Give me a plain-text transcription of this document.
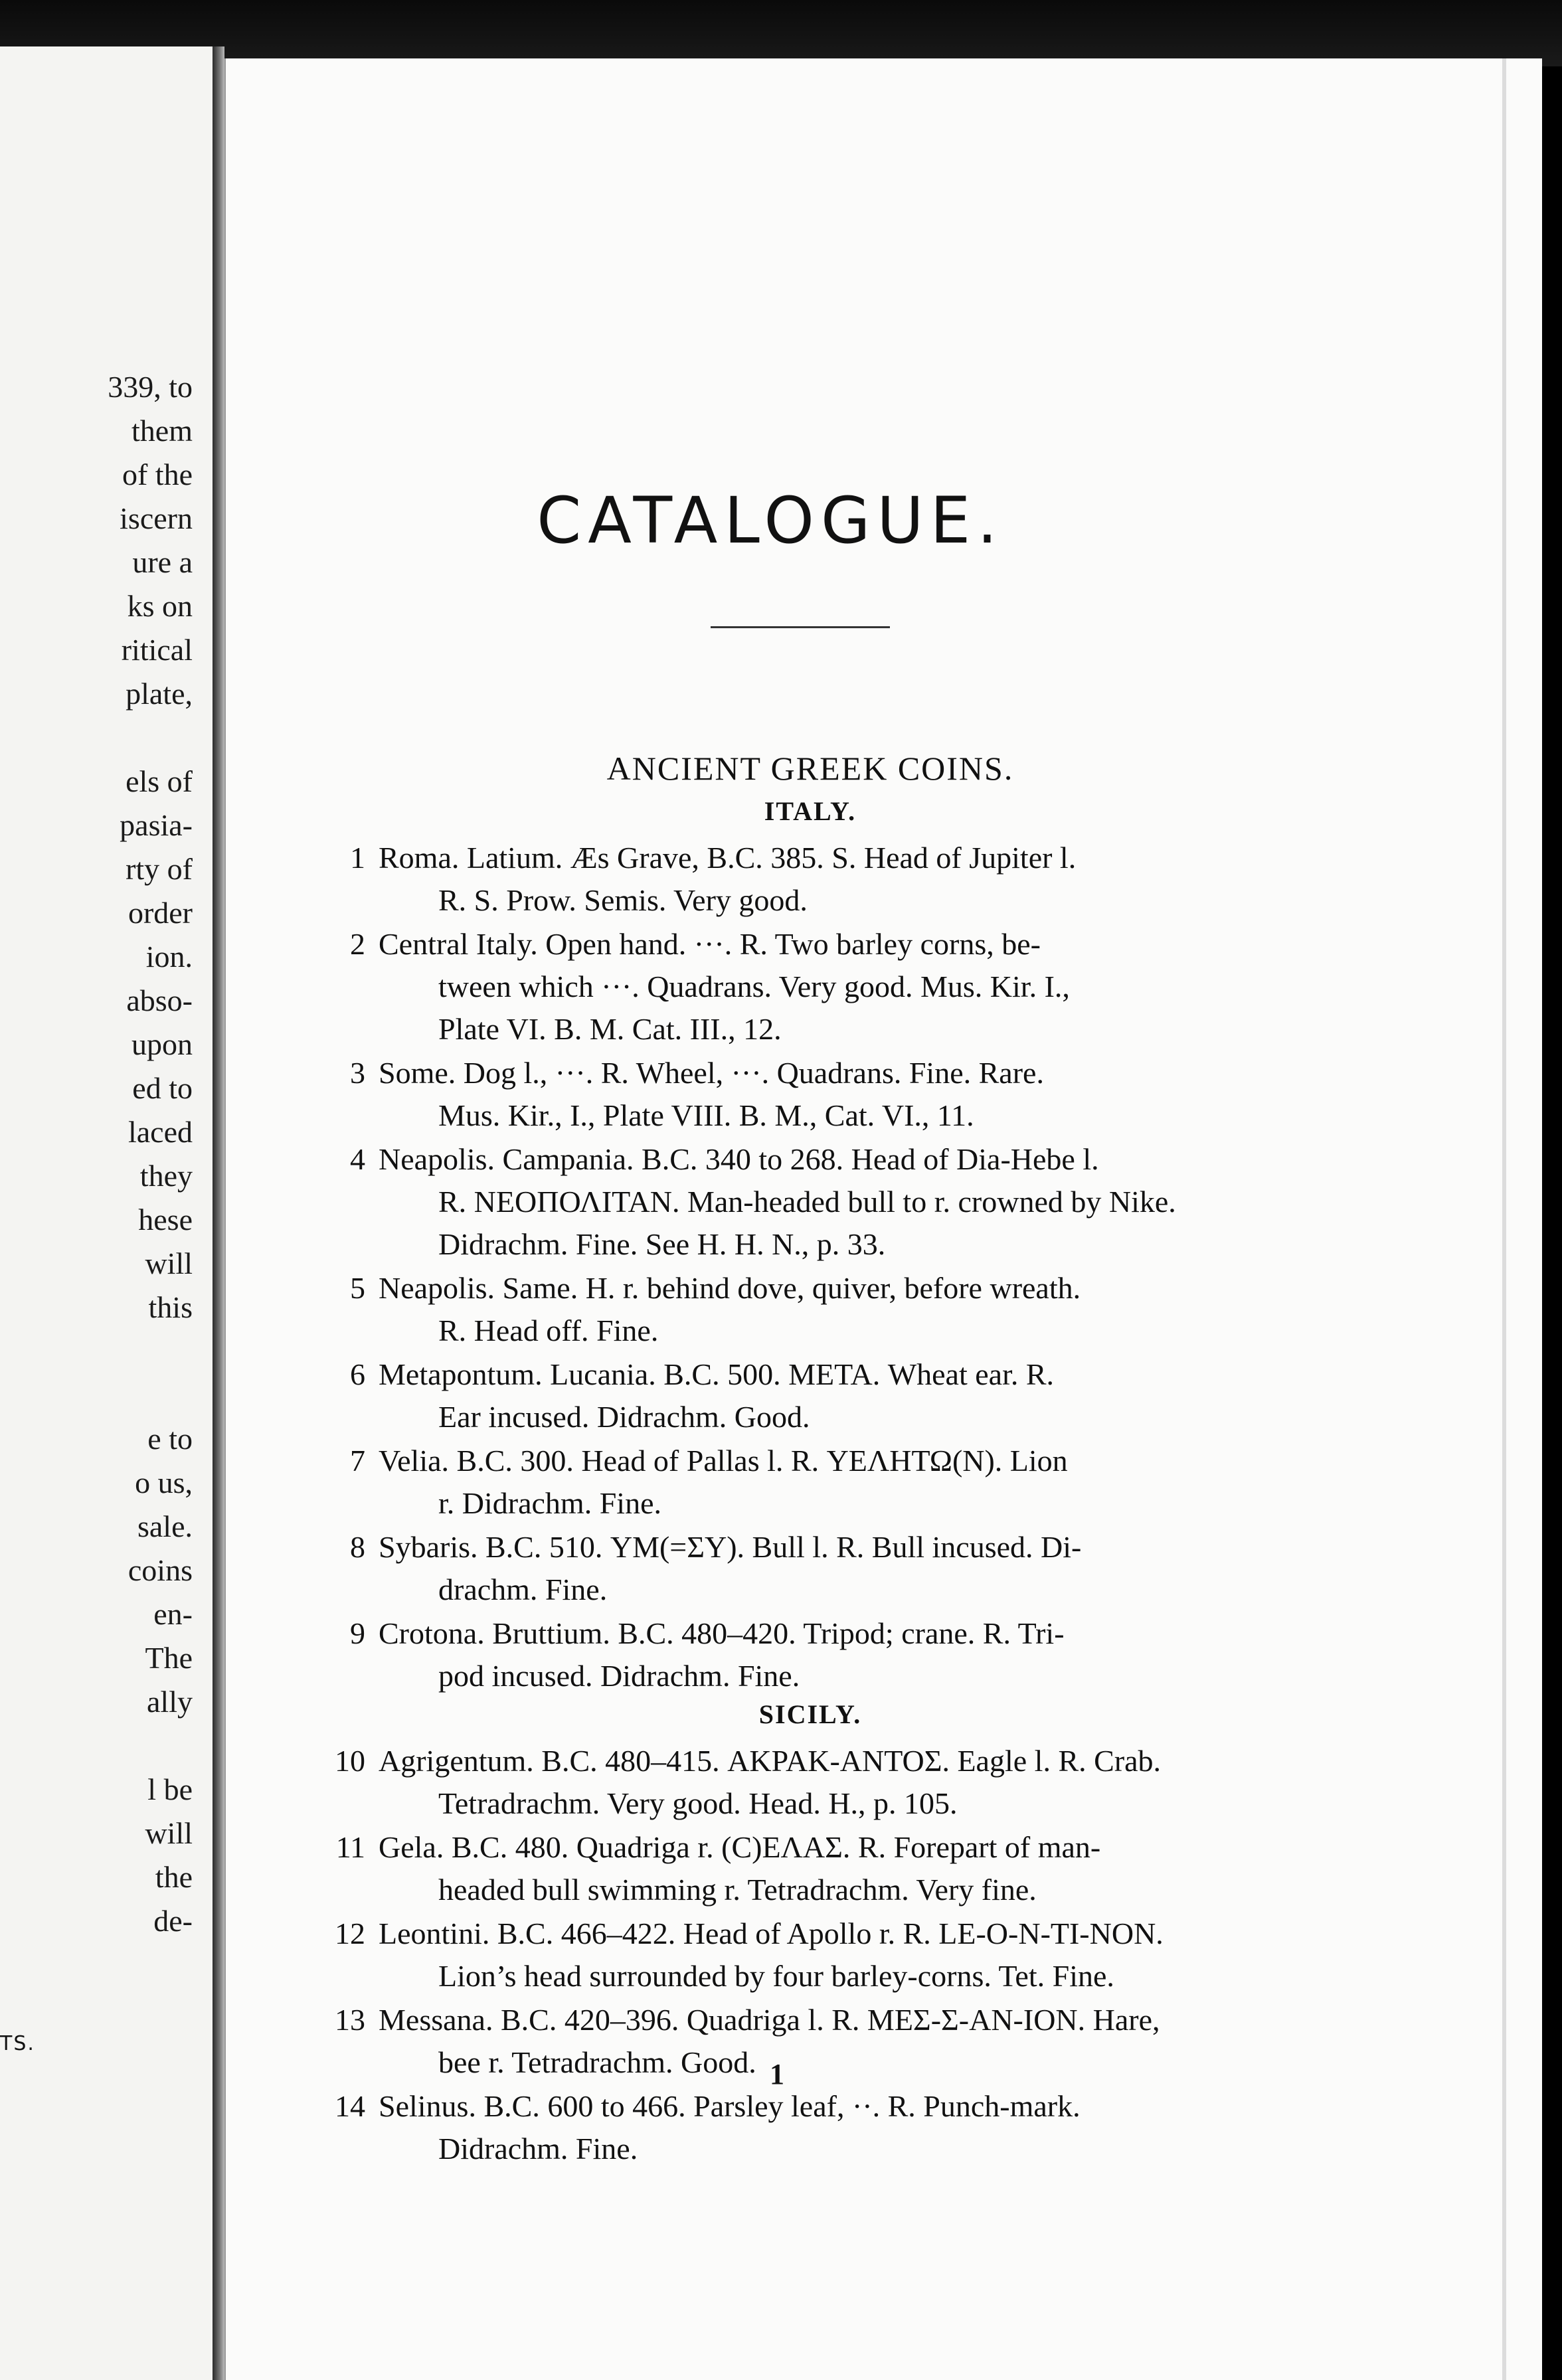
339, to
them
of the
iscern
ure a
ks on
ritical
plate,
els of
pasia-
rty of
order
ion.
abso-
upon
ed to
laced
they
hese
will
this
e to
o us,
sale.
coins
en-
The
ally
l be
will
the
de-
TS.
CATALOGUE.
ANCIENT GREEK COINS.
ITALY.
1 Roma. Latium. Æs Grave, B.C. 385. S. Head of Jupiter l.
R. S. Prow. Semis. Very good.
2 Central Italy. Open hand. ···. R. Two barley corns, be-
tween which ···. Quadrans. Very good. Mus. Kir. I.,
Plate VI. B. M. Cat. III., 12.
3 Some. Dog l., ···. R. Wheel, ···. Quadrans. Fine. Rare.
Mus. Kir., I., Plate VIII. B. M., Cat. VI., 11.
4 Neapolis. Campania. B.C. 340 to 268. Head of Dia-Hebe l.
R. ΝΕΟΠΟΛΙΤΑΝ. Man-headed bull to r. crowned by Nike.
Didrachm. Fine. See H. H. N., p. 33.
5 Neapolis. Same. H. r. behind dove, quiver, before wreath.
R. Head off. Fine.
6 Metapontum. Lucania. B.C. 500. ΜΕΤΑ. Wheat ear. R.
Ear incused. Didrachm. Good.
7 Velia. B.C. 300. Head of Pallas l. R. ΥΕΛΗΤΩ(Ν). Lion
r. Didrachm. Fine.
8 Sybaris. B.C. 510. ΥΜ(=ΣΥ). Bull l. R. Bull incused. Di-
drachm. Fine.
9 Crotona. Bruttium. B.C. 480–420. Tripod; crane. R. Tri-
pod incused. Didrachm. Fine.
SICILY.
10 Agrigentum. B.C. 480–415. ΑΚΡΑΚ-ΑΝΤΟΣ. Eagle l. R. Crab.
Tetradrachm. Very good. Head. H., p. 105.
11 Gela. B.C. 480. Quadriga r. (C)ΕΛΑΣ. R. Forepart of man-
headed bull swimming r. Tetradrachm. Very fine.
12 Leontini. B.C. 466–422. Head of Apollo r. R. LE-O-N-TI-NON.
Lion’s head surrounded by four barley-corns. Tet. Fine.
13 Messana. B.C. 420–396. Quadriga l. R. ΜΕΣ-Σ-ΑΝ-ΙΟΝ. Hare,
bee r. Tetradrachm. Good.
14 Selinus. B.C. 600 to 466. Parsley leaf, ··. R. Punch-mark.
Didrachm. Fine.
1
